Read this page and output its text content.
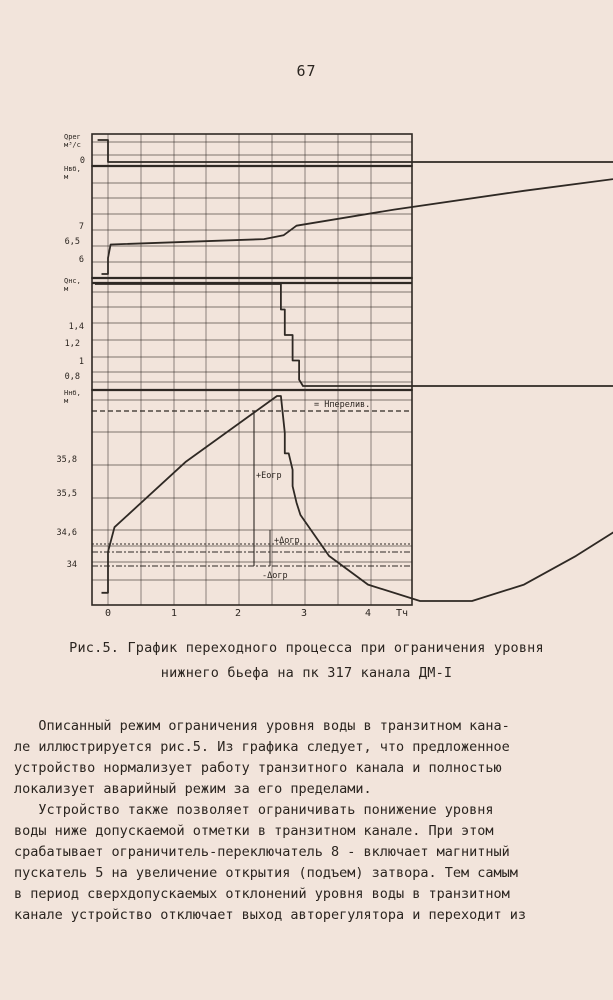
67
Qрег
м³/с
0
Hвб,
м
7
6,5
6
Qнс,
м
1,4
1,2
1
0,8
Hнб,
м
35,8
35,5
34,6
34
0	1	2	3	4 Тч
= Hперелив.
+Eогр
+Δогр
-Δогр
Рис.5. График переходного процесса при ограничения уровня
нижнего бьефа на пк 317 канала ДМ-I
Описанный режим ограничения уровня воды в транзитном кана-
ле иллюстрируется рис.5. Из графика следует, что предложенное
устройство нормализует работу транзитного канала и полностью
локализует аварийный режим за его пределами.
Устройство также позволяет ограничивать понижение уровня
воды ниже допускаемой отметки в транзитном канале. При этом
срабатывает ограничитель-переключатель 8 - включает магнитный
пускатель 5 на увеличение открытия (подъем) затвора. Тем самым
в период сверхдопускаемых отклонений уровня воды в транзитном
канале устройство отключает выход авторегулятора и переходит из
